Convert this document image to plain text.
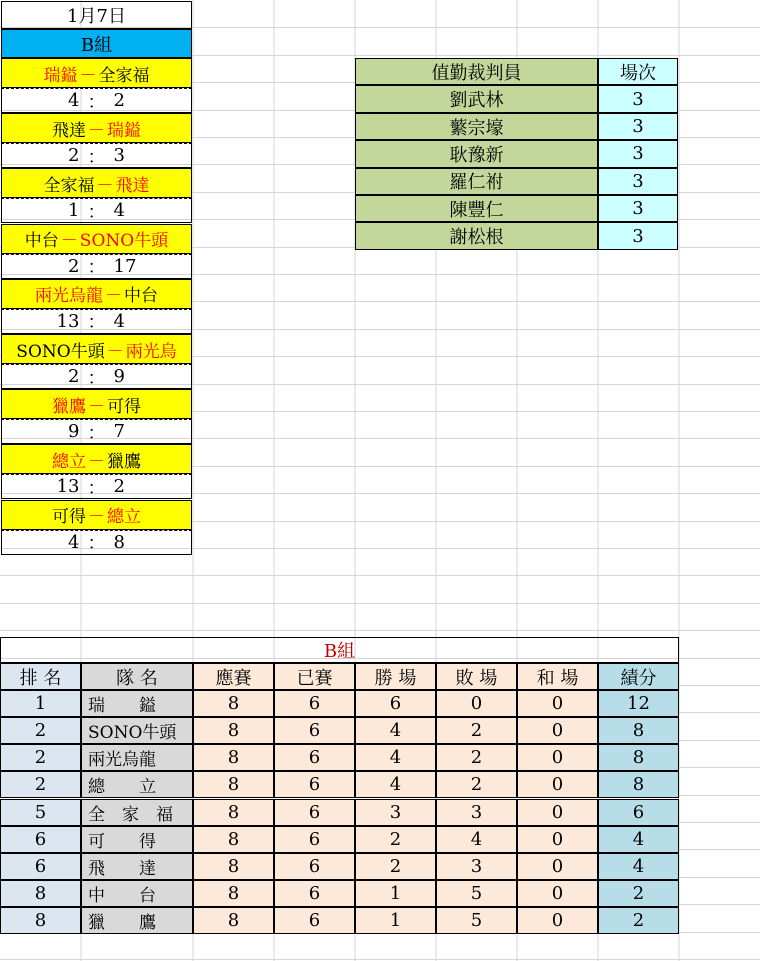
1月7日
B組
瑞鎰 － 全家福
4 ： 2
飛達 － 瑞鎰
2 ： 3
全家福 － 飛達
1 ： 4
中台 － SONO牛頭
2 ： 17
兩光烏龍 － 中台
13 ： 4
SONO牛頭 － 兩光烏
2 ： 9
獵鷹 － 可得
9 ： 7
總立 － 獵鷹
13 ： 2
可得 － 總立
4 ： 8
值勤裁判員	場次
劉武林	3
蘩宗壕	3
耿豫新	3
羅仁祔	3
陳豐仁	3
謝松根	3
B組
排 名	隊 名	應賽	已賽	勝 場	敗 場	和 場	績分
1	瑞　　鎰	8	6	6	0	0	12
2	SONO牛頭	8	6	4	2	0	8
2	兩光烏龍	8	6	4	2	0	8
2	總　　立	8	6	4	2	0	8
5	全　家　福	8	6	3	3	0	6
6	可　　得	8	6	2	4	0	4
6	飛　　達	8	6	2	3	0	4
8	中　　台	8	6	1	5	0	2
8	獵　　鷹	8	6	1	5	0	2
